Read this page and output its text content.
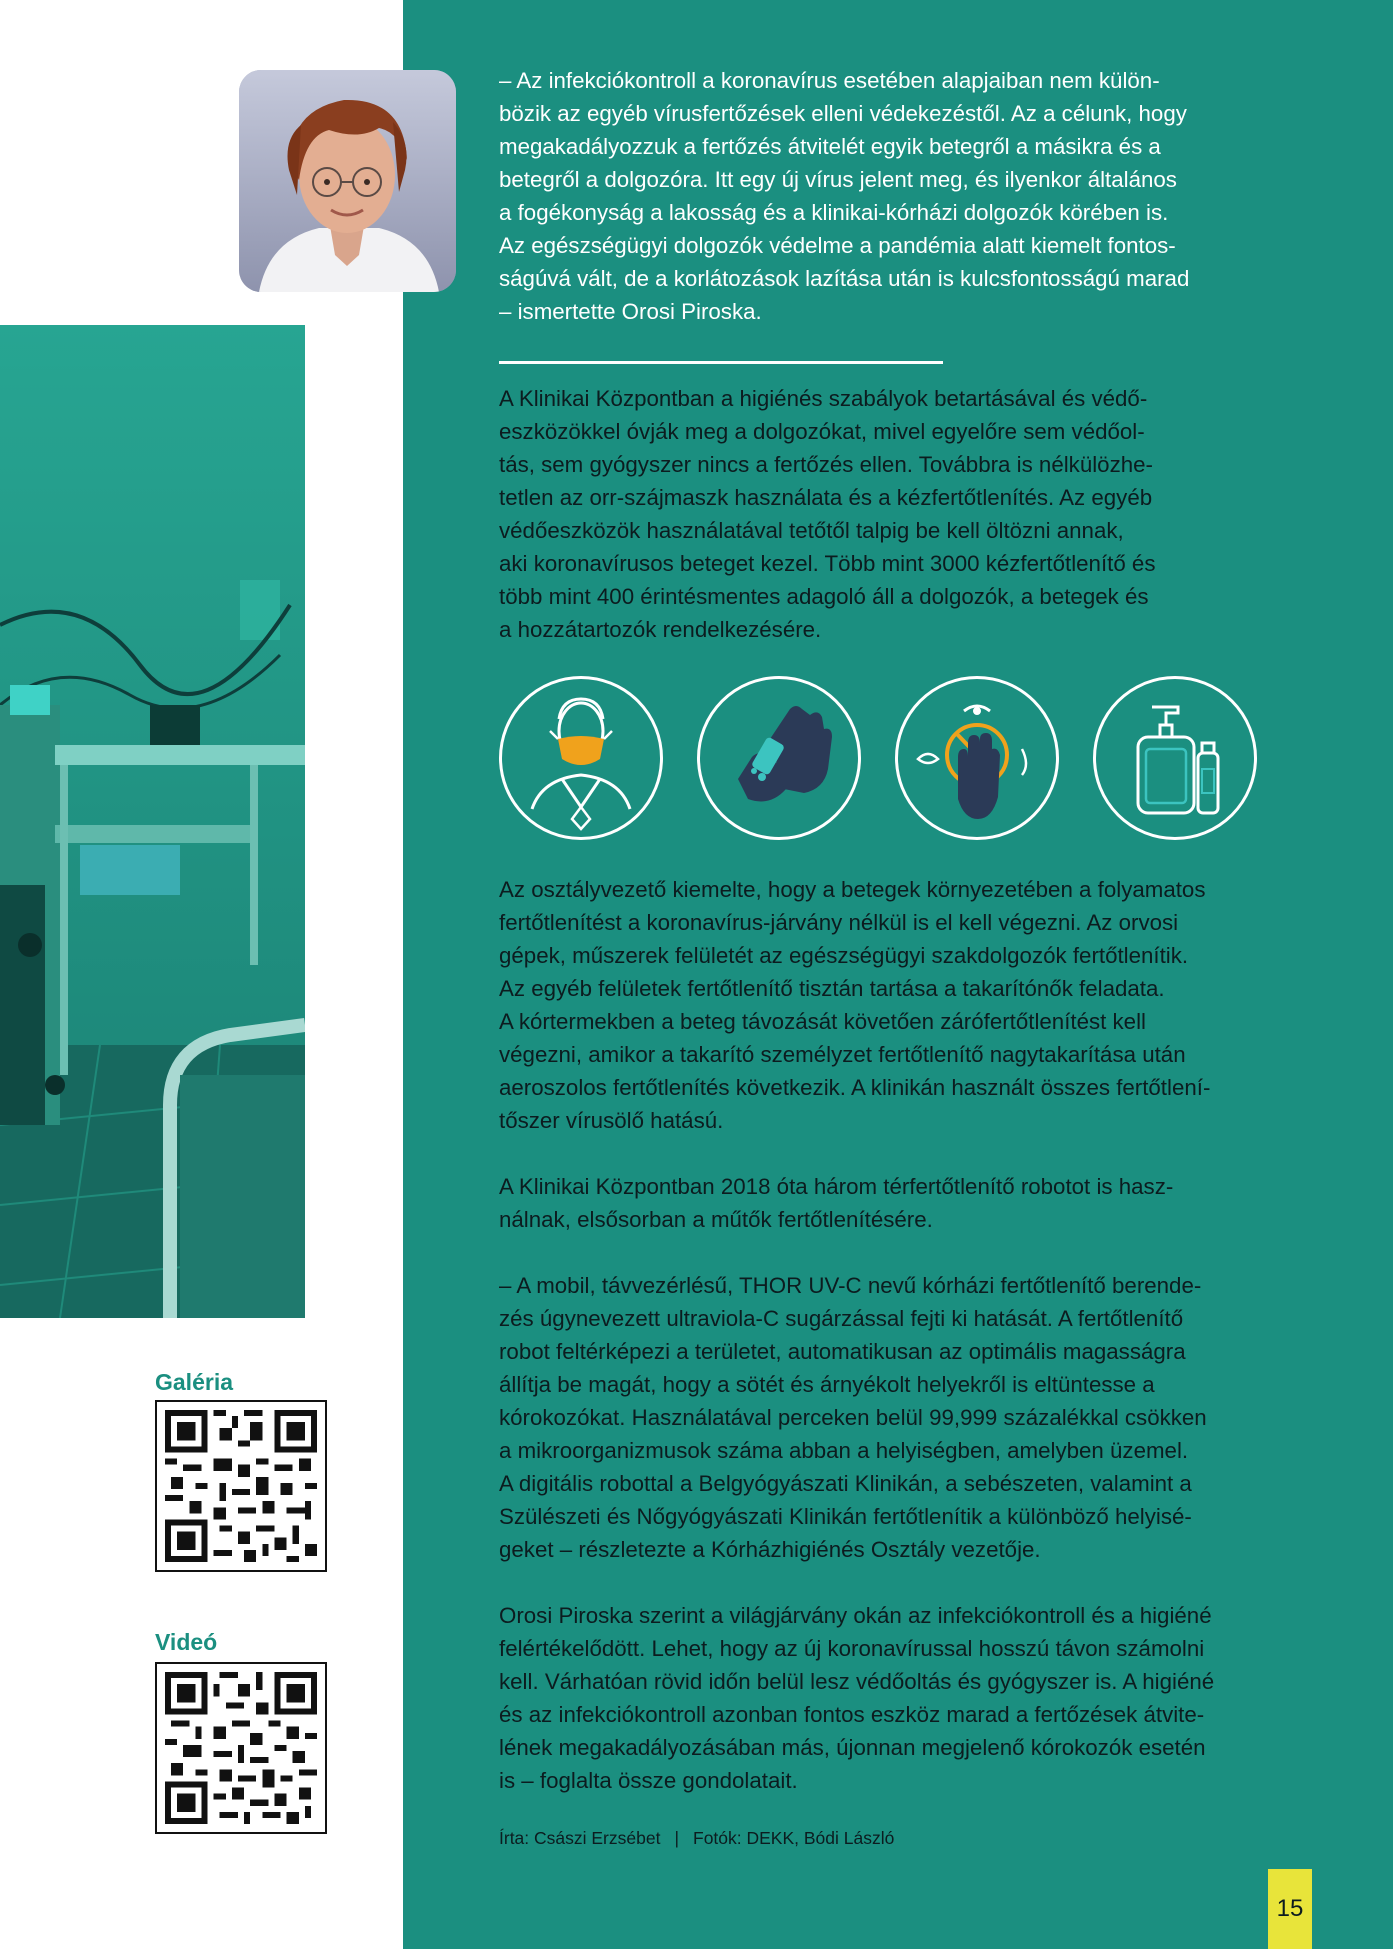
– Az infekciókontroll a koronavírus esetében alapjaiban nem külön-
bözik az egyéb vírusfertőzések elleni védekezéstől. Az a célunk, hogy
megakadályozzuk a fertőzés átvitelét egyik betegről a másikra és a
betegről a dolgozóra. Itt egy új vírus jelent meg, és ilyenkor általános
a fogékonyság a lakosság és a klinikai-kórházi dolgozók körében is.
Az egészségügyi dolgozók védelme a pandémia alatt kiemelt fontos-
ságúvá vált, de a korlátozások lazítása után is kulcsfontosságú marad
– ismertette Orosi Piroska.

A Klinikai Központban a higiénés szabályok betartásával és védő-
eszközökkel óvják meg a dolgozókat, mivel egyelőre sem védőol-
tás, sem gyógyszer nincs a fertőzés ellen. Továbbra is nélkülözhe-
tetlen az orr-szájmaszk használata és a kézfertőtlenítés. Az egyéb
védőeszközök használatával tetőtől talpig be kell öltözni annak,
aki koronavírusos beteget kezel. Több mint 3000 kézfertőtlenítő és
több mint 400 érintésmentes adagoló áll a dolgozók, a betegek és
a hozzátartozók rendelkezésére.

Az osztályvezető kiemelte, hogy a betegek környezetében a folyamatos
fertőtlenítést a koronavírus-járvány nélkül is el kell végezni. Az orvosi
gépek, műszerek felületét az egészségügyi szakdolgozók fertőtlenítik.
Az egyéb felületek fertőtlenítő tisztán tartása a takarítónők feladata.
A kórtermekben a beteg távozását követően zárófertőtlenítést kell
végezni, amikor a takarító személyzet fertőtlenítő nagytakarítása után
aeroszolos fertőtlenítés következik. A klinikán használt összes fertőtlení-
tőszer vírusölő hatású.

A Klinikai Központban 2018 óta három térfertőtlenítő robotot is hasz-
nálnak, elsősorban a műtők fertőtlenítésére.

– A mobil, távvezérlésű, THOR UV-C nevű kórházi fertőtlenítő berende-
zés úgynevezett ultraviola-C sugárzással fejti ki hatását. A fertőtlenítő
robot feltérképezi a területet, automatikusan az optimális magasságra
állítja be magát, hogy a sötét és árnyékolt helyekről is eltüntesse a
kórokozókat. Használatával perceken belül 99,999 százalékkal csökken
a mikroorganizmusok száma abban a helyiségben, amelyben üzemel.
A digitális robottal a Belgyógyászati Klinikán, a sebészeten, valamint a
Szülészeti és Nőgyógyászati Klinikán fertőtlenítik a különböző helyisé-
geket – részletezte a Kórházhigiénés Osztály vezetője.

Orosi Piroska szerint a világjárvány okán az infekciókontroll és a higiéné
felértékelődött. Lehet, hogy az új koronavírussal hosszú távon számolni
kell. Várhatóan rövid időn belül lesz védőoltás és gyógyszer is. A higiéné
és az infekciókontroll azonban fontos eszköz marad a fertőzések átvite-
lének megakadályozásában más, újonnan megjelenő kórokozók esetén
is – foglalta össze gondolatait.

Galéria
Videó
Írta: Császi Erzsébet | Fotók: DEKK, Bódi László
15
